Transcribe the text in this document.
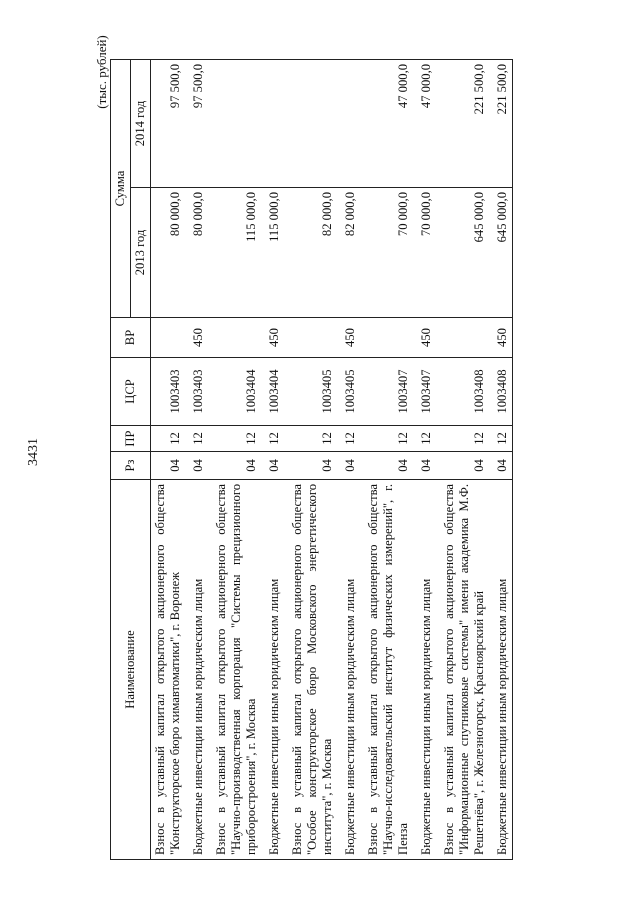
3431
(тыс. рублей)
Наименование	Рз	ПР	ЦСР	ВР	Сумма	
					2013 год	2014 год
Взнос в уставный капитал открытого акционерного общества "Конструкторское бюро химавтоматики", г. Воронеж	04	12	1003403		80 000,0	97 500,0
Бюджетные инвестиции иным юридическим лицам	04	12	1003403	450	80 000,0	97 500,0
Взнос в уставный капитал открытого акционерного общества "Научно-производственная корпорация "Системы прецизионного приборостроения", г. Москва	04	12	1003404		115 000,0	
Бюджетные инвестиции иным юридическим лицам	04	12	1003404	450	115 000,0	
Взнос в уставный капитал открытого акционерного общества "Особое конструкторское бюро Московского энергетического института", г. Москва	04	12	1003405		82 000,0	
Бюджетные инвестиции иным юридическим лицам	04	12	1003405	450	82 000,0	
Взнос в уставный капитал открытого акционерного общества "Научно-исследовательский институт физических измерений", г. Пенза	04	12	1003407		70 000,0	47 000,0
Бюджетные инвестиции иным юридическим лицам	04	12	1003407	450	70 000,0	47 000,0
Взнос в уставный капитал открытого акционерного общества "Информационные спутниковые системы" имени академика М.Ф. Решетнёва", г. Железногорск, Красноярский край	04	12	1003408		645 000,0	221 500,0
Бюджетные инвестиции иным юридическим лицам	04	12	1003408	450	645 000,0	221 500,0
